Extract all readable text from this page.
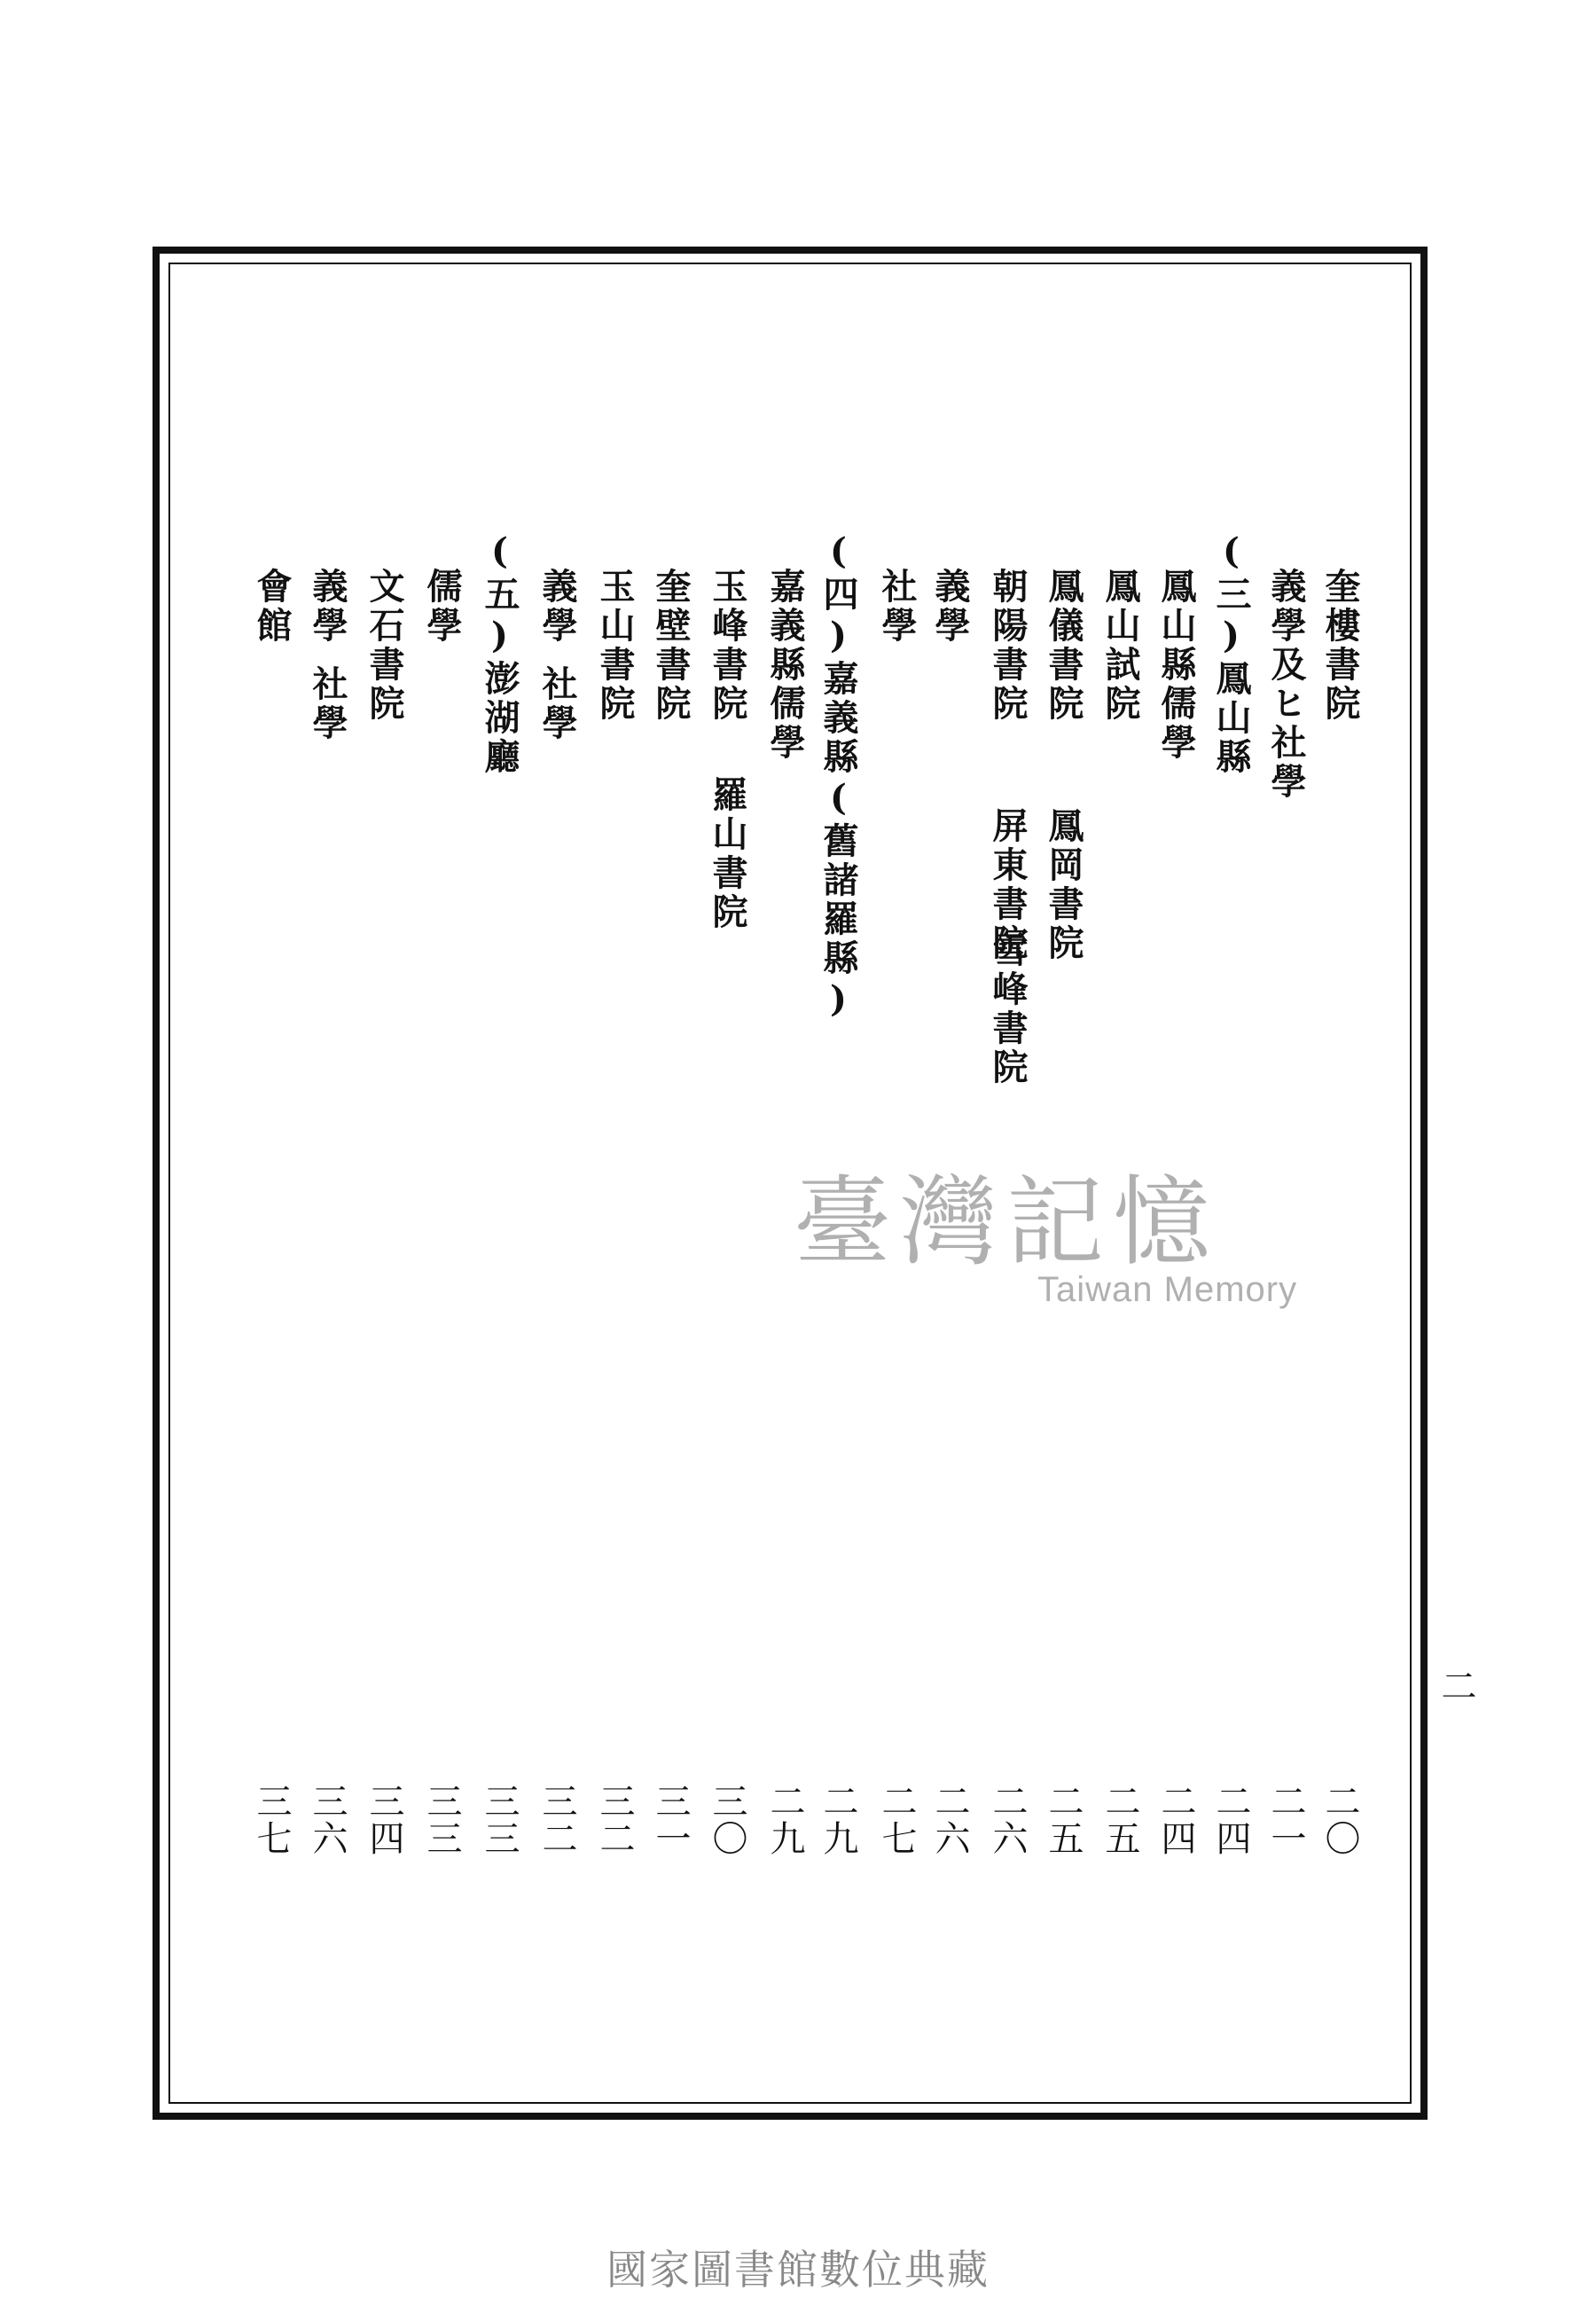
奎樓書院
二〇
義學及ヒ社學
二一
(三)鳳山縣
二四
鳳山縣儒學
二四
鳳山試院
二五
鳳儀書院
鳳岡書院
二五
朝陽書院
屏東書院
雪峰書院
二六
義學
二六
社學
二七
(四)嘉義縣(舊諸羅縣)
二九
嘉義縣儒學
二九
玉峰書院
羅山書院
三〇
奎壁書院
三一
玉山書院
三二
義學
社學
三二
(五)澎湖廳
三三
儒學
三三
文石書院
三四
義學
社學
三六
會館
三七
二
臺灣記憶
Taiwan Memory
國家圖書館數位典藏
